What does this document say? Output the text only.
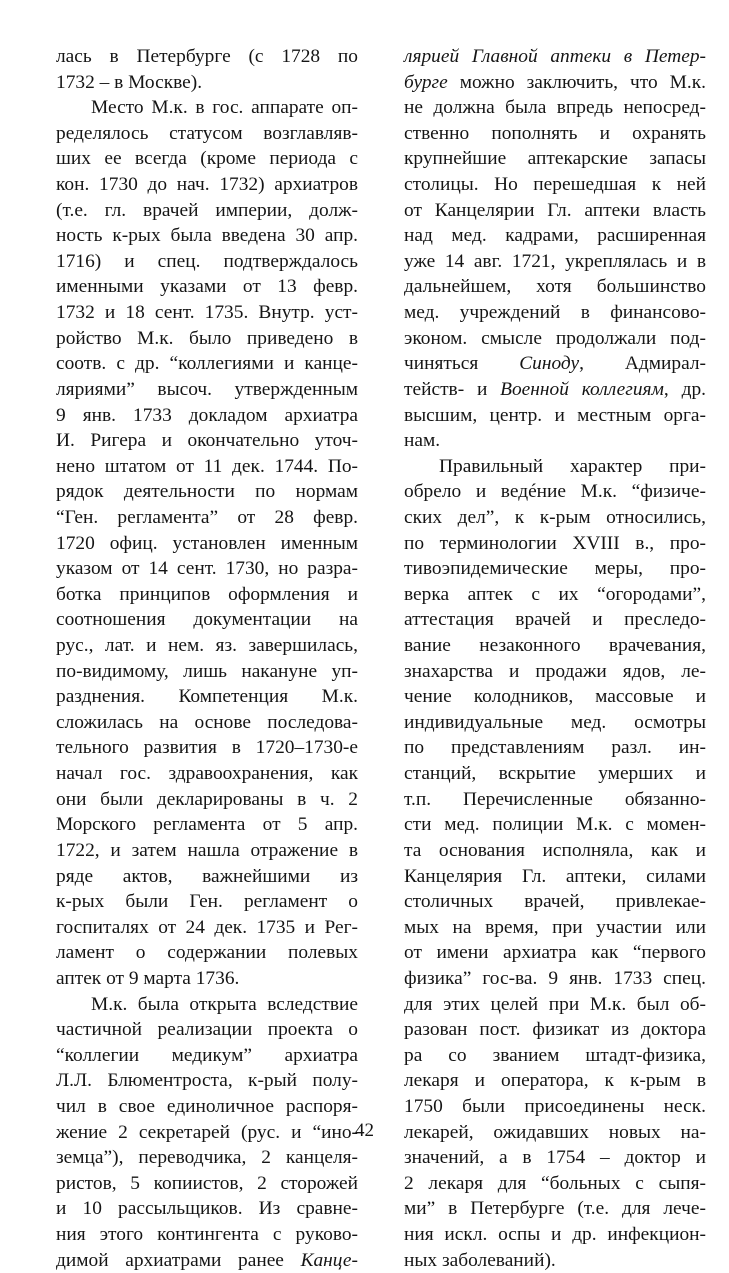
лась в Петербурге (с 1728 по
1732 – в Москве).
Место М.к. в гос. аппарате оп-
ределялось статусом возглавляв-
ших ее всегда (кроме периода с
кон. 1730 до нач. 1732) архиатров
(т.е. гл. врачей империи, долж-
ность к-рых была введена 30 апр.
1716) и спец. подтверждалось
именными указами от 13 февр.
1732 и 18 сент. 1735. Внутр. уст-
ройство М.к. было приведено в
соотв. с др. “коллегиями и канце-
ляриями” высоч. утвержденным
9 янв. 1733 докладом архиатра
И. Ригера и окончательно уточ-
нено штатом от 11 дек. 1744. По-
рядок деятельности по нормам
“Ген. регламента” от 28 февр.
1720 офиц. установлен именным
указом от 14 сент. 1730, но разра-
ботка принципов оформления и
соотношения документации на
рус., лат. и нем. яз. завершилась,
по-видимому, лишь накануне уп-
разднения. Компетенция М.к.
сложилась на основе последова-
тельного развития в 1720–1730-е
начал гос. здравоохранения, как
они были декларированы в ч. 2
Морского регламента от 5 апр.
1722, и затем нашла отражение в
ряде актов, важнейшими из
к-рых были Ген. регламент о
госпиталях от 24 дек. 1735 и Рег-
ламент о содержании полевых
аптек от 9 марта 1736.
М.к. была открыта вследствие
частичной реализации проекта о
“коллегии медикум” архиатра
Л.Л. Блюментроста, к-рый полу-
чил в свое единоличное распоря-
жение 2 секретарей (рус. и “ино-
земца”), переводчика, 2 канцеля-
ристов, 5 копиистов, 2 сторожей
и 10 рассыльщиков. Из сравне-
ния этого контингента с руково-
димой архиатрами ранее Канце-
лярией Главной аптеки в Петер-
бурге можно заключить, что М.к.
не должна была впредь непосред-
ственно пополнять и охранять
крупнейшие аптекарские запасы
столицы. Но перешедшая к ней
от Канцелярии Гл. аптеки власть
над мед. кадрами, расширенная
уже 14 авг. 1721, укреплялась и в
дальнейшем, хотя большинство
мед. учреждений в финансово-
эконом. смысле продолжали под-
чиняться Синоду, Адмирал-
тейств- и Военной коллегиям, др.
высшим, центр. и местным орга-
нам.
Правильный характер при-
обрело и ведéние М.к. “физиче-
ских дел”, к к-рым относились,
по терминологии XVIII в., про-
тивоэпидемические меры, про-
верка аптек с их “огородами”,
аттестация врачей и преследо-
вание незаконного врачевания,
знахарства и продажи ядов, ле-
чение колодников, массовые и
индивидуальные мед. осмотры
по представлениям разл. ин-
станций, вскрытие умерших и
т.п. Перечисленные обязанно-
сти мед. полиции М.к. с момен-
та основания исполняла, как и
Канцелярия Гл. аптеки, силами
столичных врачей, привлекае-
мых на время, при участии или
от имени архиатра как “первого
физика” гос-ва. 9 янв. 1733 спец.
для этих целей при М.к. был об-
разован пост. физикат из доктора
ра со званием штадт-физика,
лекаря и оператора, к к-рым в
1750 были присоединены неск.
лекарей, ожидавших новых на-
значений, а в 1754 – доктор и
2 лекаря для “больных с сыпя-
ми” в Петербурге (т.е. для лече-
ния искл. оспы и др. инфекцион-
ных заболеваний).
42
